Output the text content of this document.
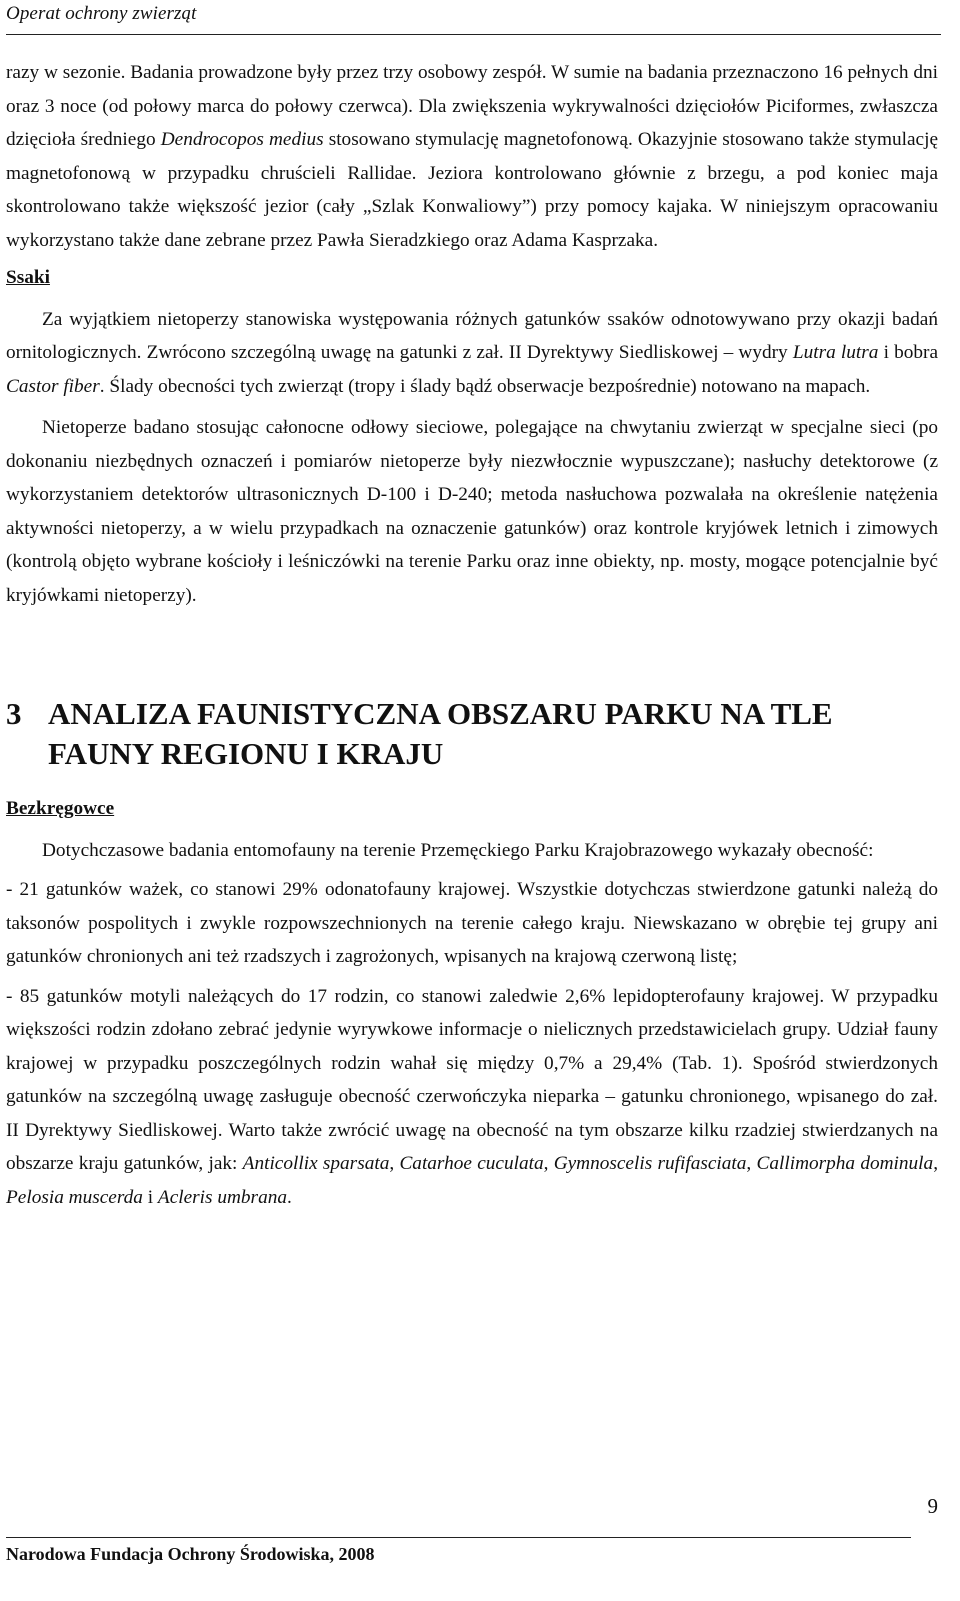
Operat ochrony zwierząt

razy w sezonie. Badania prowadzone były przez trzy osobowy zespół. W sumie na badania przeznaczono 16 pełnych dni oraz 3 noce (od połowy marca do połowy czerwca). Dla zwiększenia wykrywalności dzięciołów Piciformes, zwłaszcza dzięcioła średniego Dendrocopos medius stosowano stymulację magnetofonową. Okazyjnie stosowano także stymulację magnetofonową w przypadku chruścieli Rallidae. Jeziora kontrolowano głównie z brzegu, a pod koniec maja skontrolowano także większość jezior (cały „Szlak Konwaliowy”) przy pomocy kajaka. W niniejszym opracowaniu wykorzystano także dane zebrane przez Pawła Sieradzkiego oraz Adama Kasprzaka.

Ssaki

Za wyjątkiem nietoperzy stanowiska występowania różnych gatunków ssaków odnotowywano przy okazji badań ornitologicznych. Zwrócono szczególną uwagę na gatunki z zał. II Dyrektywy Siedliskowej – wydry Lutra lutra i bobra Castor fiber. Ślady obecności tych zwierząt (tropy i ślady bądź obserwacje bezpośrednie) notowano na mapach.

Nietoperze badano stosując całonocne odłowy sieciowe, polegające na chwytaniu zwierząt w specjalne sieci (po dokonaniu niezbędnych oznaczeń i pomiarów nietoperze były niezwłocznie wypuszczane); nasłuchy detektorowe (z wykorzystaniem detektorów ultrasonicznych D-100 i D-240; metoda nasłuchowa pozwalała na określenie natężenia aktywności nietoperzy, a w wielu przypadkach na oznaczenie gatunków) oraz kontrole kryjówek letnich i zimowych (kontrolą objęto wybrane kościoły i leśniczówki na terenie Parku oraz inne obiekty, np. mosty, mogące potencjalnie być kryjówkami nietoperzy).

3 ANALIZA FAUNISTYCZNA OBSZARU PARKU NA TLE FAUNY REGIONU I KRAJU

Bezkręgowce

Dotychczasowe badania entomofauny na terenie Przemęckiego Parku Krajobrazowego wykazały obecność:

- 21 gatunków ważek, co stanowi 29% odonatofauny krajowej. Wszystkie dotychczas stwierdzone gatunki należą do taksonów pospolitych i zwykle rozpowszechnionych na terenie całego kraju. Niewskazano w obrębie tej grupy ani gatunków chronionych ani też rzadszych i zagrożonych, wpisanych na krajową czerwoną listę;

- 85 gatunków motyli należących do 17 rodzin, co stanowi zaledwie 2,6% lepidopterofauny krajowej. W przypadku większości rodzin zdołano zebrać jedynie wyrywkowe informacje o nielicznych przedstawicielach grupy. Udział fauny krajowej w przypadku poszczególnych rodzin wahał się między 0,7% a 29,4% (Tab. 1). Spośród stwierdzonych gatunków na szczególną uwagę zasługuje obecność czerwończyka nieparka – gatunku chronionego, wpisanego do zał. II Dyrektywy Siedliskowej. Warto także zwrócić uwagę na obecność na tym obszarze kilku rzadziej stwierdzanych na obszarze kraju gatunków, jak: Anticollix sparsata, Catarhoe cuculata, Gymnoscelis rufifasciata, Callimorpha dominula, Pelosia muscerda i Acleris umbrana.

9
Narodowa Fundacja Ochrony Środowiska, 2008
